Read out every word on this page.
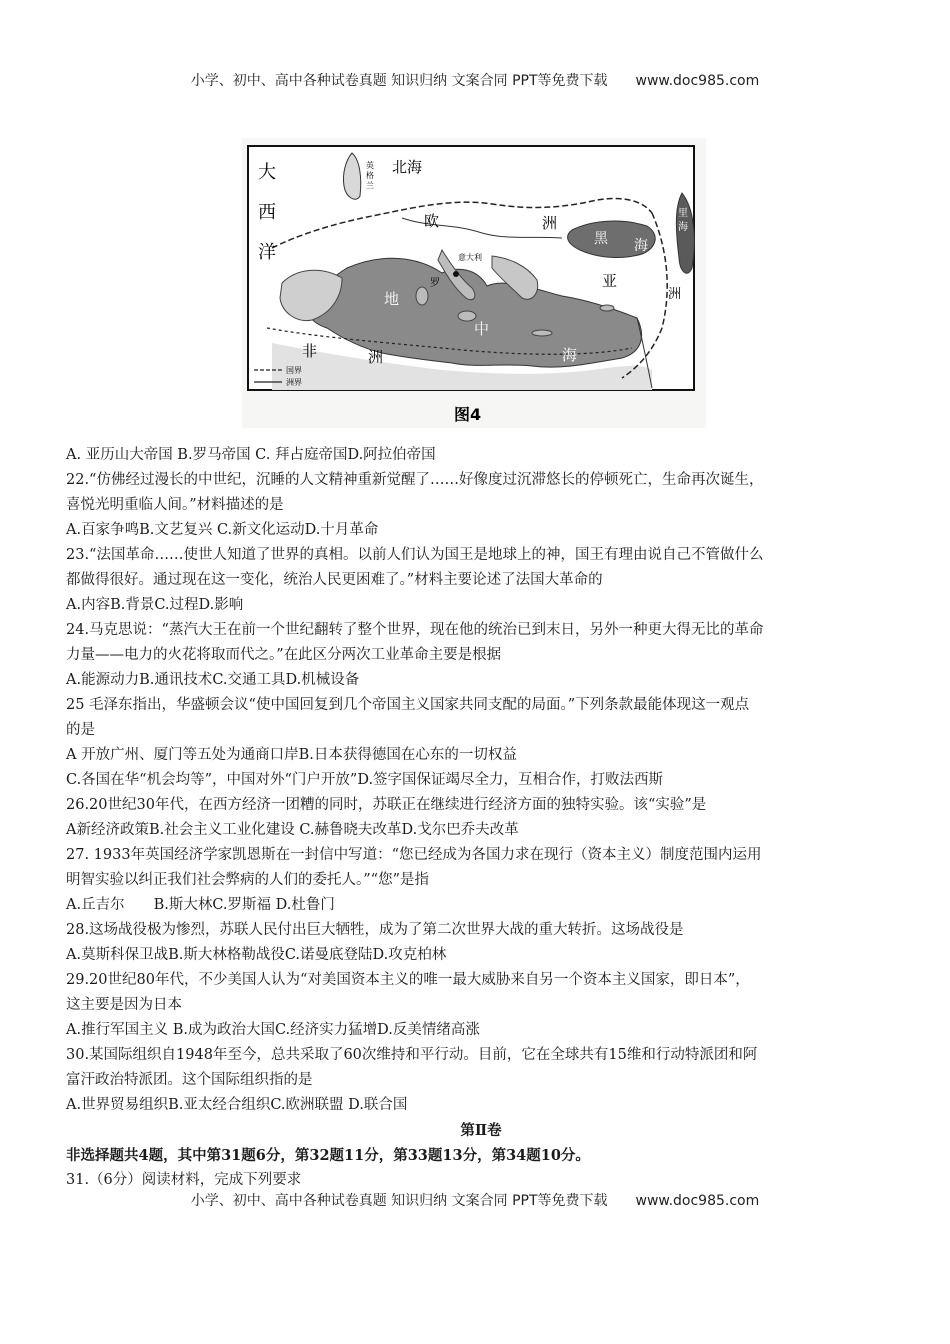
小学、初中、高中各种试卷真题 知识归纳 文案合同 PPT等免费下载 www.doc985.com
大
西
洋
北海
英
格
兰
欧	洲
黑 海
里
海
亚
洲
地
中
海
非	洲
罗
意大利
国界
洲界
图4
A. 亚历山大帝国 B.罗马帝国 C. 拜占庭帝国D.阿拉伯帝国
22.“仿佛经过漫长的中世纪，沉睡的人文精神重新觉醒了……好像度过沉滞悠长的停顿死亡，生命再次诞生，
喜悦光明重临人间。”材料描述的是
A.百家争鸣B.文艺复兴 C.新文化运动D.十月革命
23.“法国革命……使世人知道了世界的真相。以前人们认为国王是地球上的神，国王有理由说自己不管做什么
都做得很好。通过现在这一变化，统治人民更困难了。”材料主要论述了法国大革命的
A.内容B.背景C.过程D.影响
24.马克思说：“蒸汽大王在前一个世纪翻转了整个世界，现在他的统治已到末日，另外一种更大得无比的革命
力量——电力的火花将取而代之。”在此区分两次工业革命主要是根据
A.能源动力B.通讯技术C.交通工具D.机械设备
25 毛泽东指出，华盛顿会议“使中国回复到几个帝国主义国家共同支配的局面。”下列条款最能体现这一观点
的是
A 开放广州、厦门等五处为通商口岸B.日本获得德国在心东的一切权益
C.各国在华“机会均等”，中国对外“门户开放”D.签字国保证竭尽全力，互相合作，打败法西斯
26.20世纪30年代，在西方经济一团糟的同时，苏联正在继续进行经济方面的独特实验。该“实验”是
A新经济政策B.社会主义工业化建设 C.赫鲁晓夫改革D.戈尔巴乔夫改革
27. 1933年英国经济学家凯恩斯在一封信中写道：“您已经成为各国力求在现行（资本主义）制度范围内运用
明智实验以纠正我们社会弊病的人们的委托人。”“您”是指
A.丘吉尔　　B.斯大林C.罗斯福 D.杜鲁门
28.这场战役极为惨烈，苏联人民付出巨大牺牲，成为了第二次世界大战的重大转折。这场战役是
A.莫斯科保卫战B.斯大林格勒战役C.诺曼底登陆D.攻克柏林
29.20世纪80年代，不少美国人认为“对美国资本主义的唯一最大威胁来自另一个资本主义国家，即日本”，
这主要是因为日本
A.推行军国主义 B.成为政治大国C.经济实力猛增D.反美情绪高涨
30.某国际组织自1948年至今，总共采取了60次维持和平行动。目前，它在全球共有15维和行动特派团和阿
富汗政治特派团。这个国际组织指的是
A.世界贸易组织B.亚太经合组织C.欧洲联盟 D.联合国
第Ⅱ卷
非选择题共4题，其中第31题6分，第32题11分，第33题13分，第34题10分。
31.（6分）阅读材料，完成下列要求
小学、初中、高中各种试卷真题 知识归纳 文案合同 PPT等免费下载 www.doc985.com
